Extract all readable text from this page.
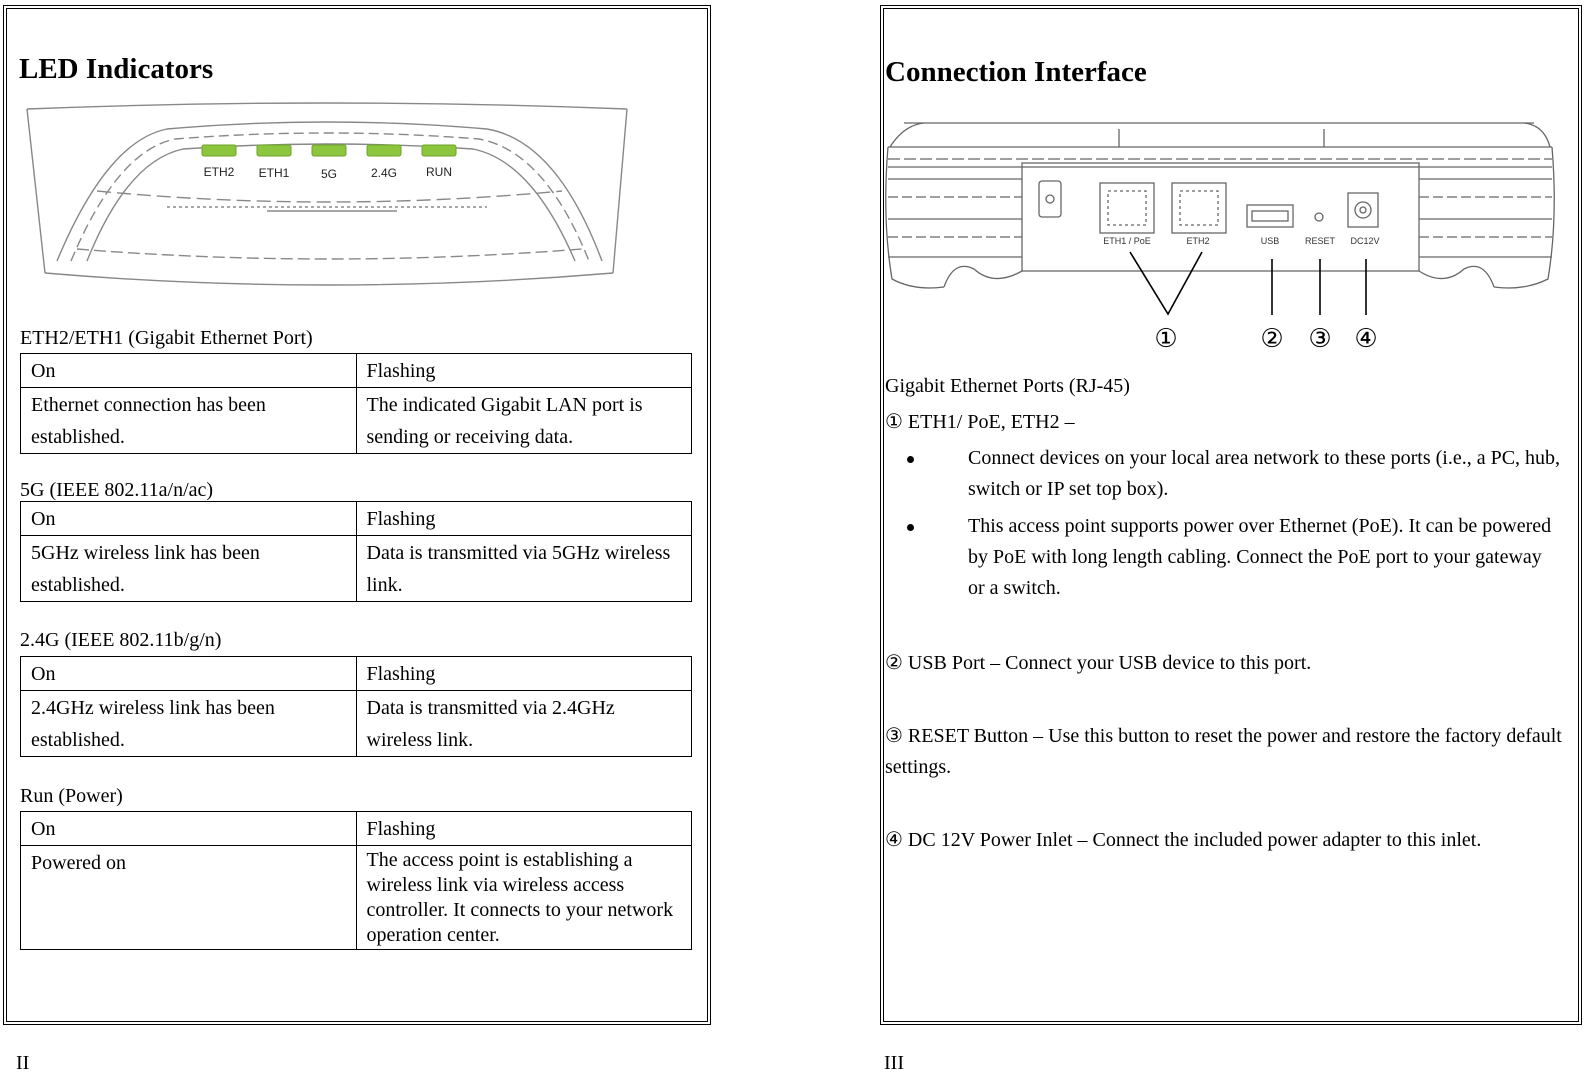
LED Indicators
ETH2 ETH1	5G	2.4G RUN
ETH2/ETH1 (Gigabit Ethernet Port)
On	Flashing
Ethernet connection has been established.	The indicated Gigabit LAN port is sending or receiving data.
5G (IEEE 802.11a/n/ac)
On	Flashing
5GHz wireless link has been established.	Data is transmitted via 5GHz wireless link.
2.4G (IEEE 802.11b/g/n)
On	Flashing
2.4GHz wireless link has been established.	Data is transmitted via 2.4GHz wireless link.
Run (Power)
On	Flashing
Powered on	The access point is establishing a wireless link via wireless access controller. It connects to your network operation center.
II
Connection Interface
ETH1 / PoE	ETH2	USB	RESET DC12V
①	② ③ ④
Gigabit Ethernet Ports (RJ-45)
① ETH1/ PoE, ETH2 –
Connect devices on your local area network to these ports (i.e., a PC, hub, switch or IP set top box).
This access point supports power over Ethernet (PoE). It can be powered by PoE with long length cabling. Connect the PoE port to your gateway or a switch.
② USB Port – Connect your USB device to this port.
③ RESET Button – Use this button to reset the power and restore the factory default settings.
④ DC 12V Power Inlet – Connect the included power adapter to this inlet.
III
